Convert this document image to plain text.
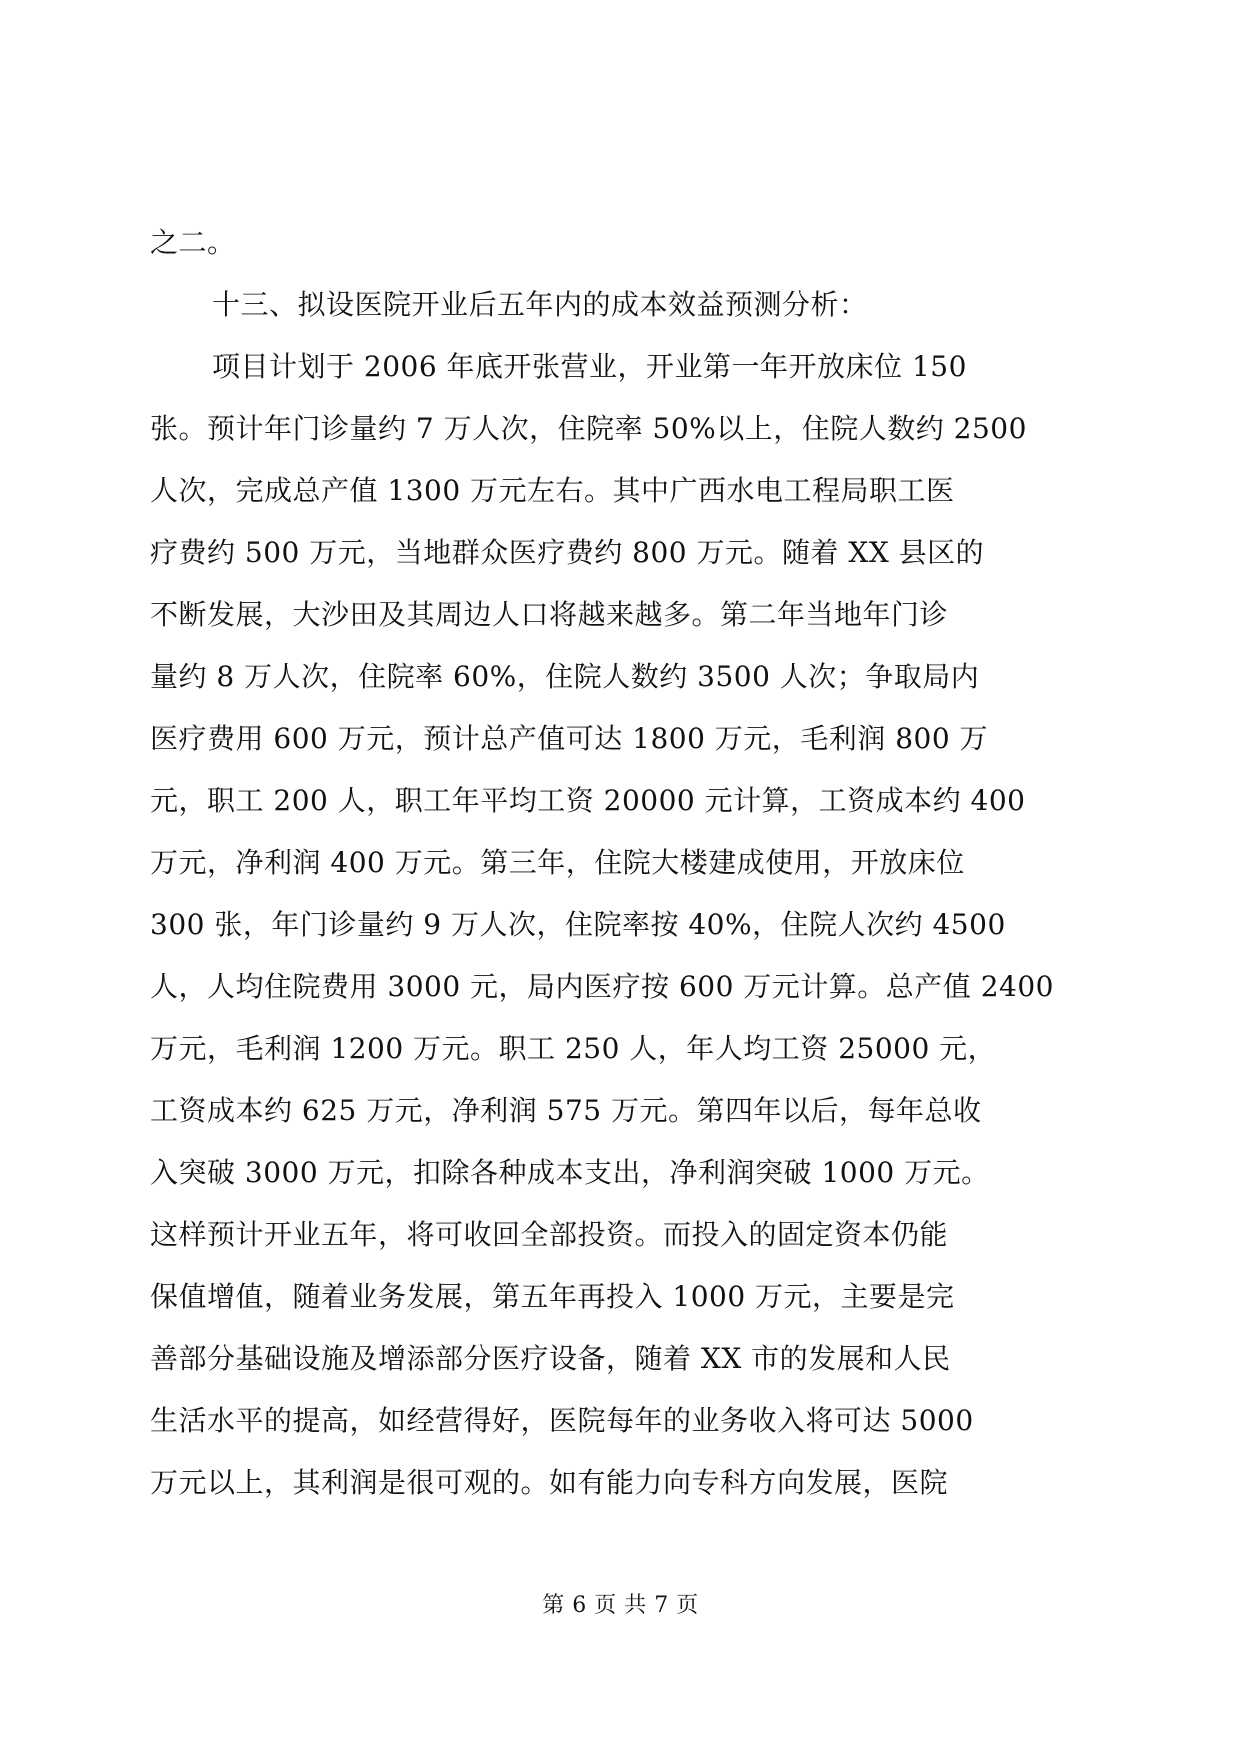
之二。
十三、拟设医院开业后五年内的成本效益预测分析：
项目计划于 2006 年底开张营业，开业第一年开放床位 150
张。预计年门诊量约 7 万人次，住院率 50%以上，住院人数约 2500
人次，完成总产值 1300 万元左右。其中广西水电工程局职工医
疗费约 500 万元，当地群众医疗费约 800 万元。随着 XX 县区的
不断发展，大沙田及其周边人口将越来越多。第二年当地年门诊
量约 8 万人次，住院率 60%，住院人数约 3500 人次；争取局内
医疗费用 600 万元，预计总产值可达 1800 万元，毛利润 800 万
元，职工 200 人，职工年平均工资 20000 元计算，工资成本约 400
万元，净利润 400 万元。第三年，住院大楼建成使用，开放床位
300 张，年门诊量约 9 万人次，住院率按 40%，住院人次约 4500
人，人均住院费用 3000 元，局内医疗按 600 万元计算。总产值 2400
万元，毛利润 1200 万元。职工 250 人，年人均工资 25000 元，
工资成本约 625 万元，净利润 575 万元。第四年以后，每年总收
入突破 3000 万元，扣除各种成本支出，净利润突破 1000 万元。
这样预计开业五年，将可收回全部投资。而投入的固定资本仍能
保值增值，随着业务发展，第五年再投入 1000 万元，主要是完
善部分基础设施及增添部分医疗设备，随着 XX 市的发展和人民
生活水平的提高，如经营得好，医院每年的业务收入将可达 5000
万元以上，其利润是很可观的。如有能力向专科方向发展，医院
第 6 页 共 7 页
